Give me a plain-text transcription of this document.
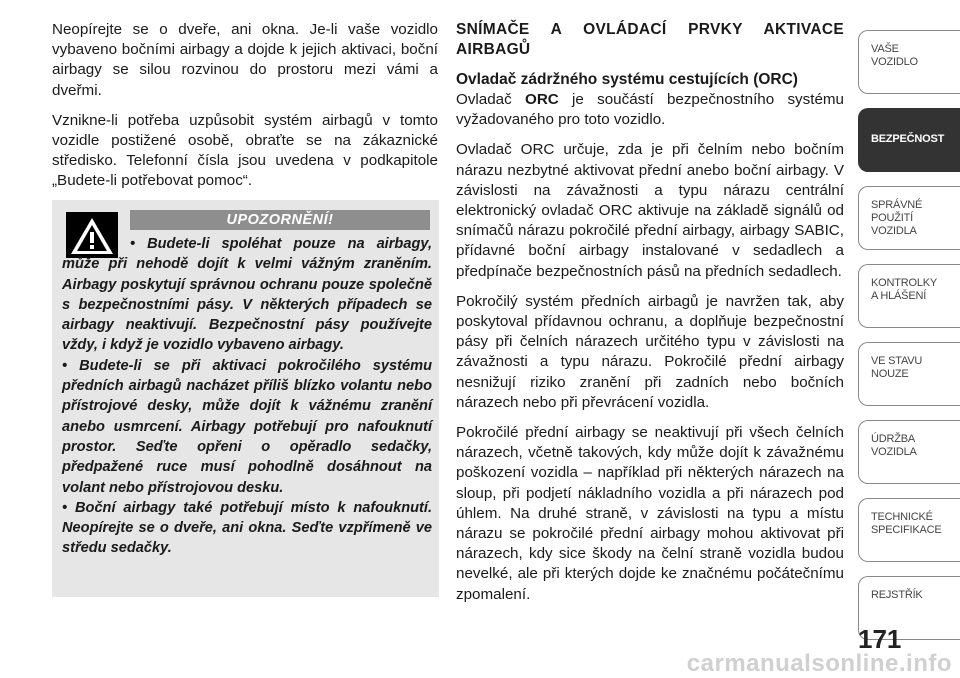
Neopírejte se o dveře, ani okna. Je-li vaše vozidlo vybaveno bočními airbagy a dojde k jejich aktivaci, boční airbagy se silou rozvinou do prostoru mezi vámi a dveřmi.

Vznikne-li potřeba uzpůsobit systém airbagů v tomto vozidle postižené osobě, obraťte se na zákaznické středisko. Telefonní čísla jsou uvedena v podkapitole „Budete-li potřebovat pomoc“.

UPOZORNĚNÍ!

• Budete-li spoléhat pouze na airbagy, může při nehodě dojít k velmi vážným zraněním. Airbagy poskytují správnou ochranu pouze společně s bezpečnostními pásy. V některých případech se airbagy neaktivují. Bezpečnostní pásy používejte vždy, i když je vozidlo vybaveno airbagy.

• Budete-li se při aktivaci pokročilého systému předních airbagů nacházet příliš blízko volantu nebo přístrojové desky, může dojít k vážnému zranění anebo usmrcení. Airbagy potřebují pro nafouknutí prostor. Seďte opřeni o opěradlo sedačky, předpažené ruce musí pohodlně dosáhnout na volant nebo přístrojovou desku.

• Boční airbagy také potřebují místo k nafouknutí. Neopírejte se o dveře, ani okna. Seďte vzpřímeně ve středu sedačky.

SNÍMAČE A OVLÁDACÍ PRVKY AKTIVACE AIRBAGŮ
Ovladač zádržného systému cestujících (ORC)

Ovladač ORC je součástí bezpečnostního systému vyžadovaného pro toto vozidlo.

Ovladač ORC určuje, zda je při čelním nebo bočním nárazu nezbytné aktivovat přední anebo boční airbagy. V závislosti na závažnosti a typu nárazu centrální elektronický ovladač ORC aktivuje na základě signálů od snímačů nárazu pokročilé přední airbagy, airbagy SABIC, přídavné boční airbagy instalované v sedadlech a předpínače bezpečnostních pásů na předních sedadlech.

Pokročilý systém předních airbagů je navržen tak, aby poskytoval přídavnou ochranu, a doplňuje bezpečnostní pásy při čelních nárazech určitého typu v závislosti na závažnosti a typu nárazu. Pokročilé přední airbagy nesnižují riziko zranění při zadních nebo bočních nárazech nebo při převrácení vozidla.

Pokročilé přední airbagy se neaktivují při všech čelních nárazech, včetně takových, kdy může dojít k závažnému poškození vozidla – například při některých nárazech na sloup, při podjetí nákladního vozidla a při nárazech pod úhlem. Na druhé straně, v závislosti na typu a místu nárazu se pokročilé přední airbagy mohou aktivovat při nárazech, kdy sice škody na čelní straně vozidla budou nevelké, ale při kterých dojde ke značnému počátečnímu zpomalení.

VAŠE
VOZIDLO
BEZPEČNOST
SPRÁVNÉ
POUŽITÍ
VOZIDLA
KONTROLKY
A HLÁŠENÍ
VE STAVU
NOUZE
ÚDRŽBA
VOZIDLA
TECHNICKÉ
SPECIFIKACE
REJSTŘÍK
171
carmanualsonline.info
